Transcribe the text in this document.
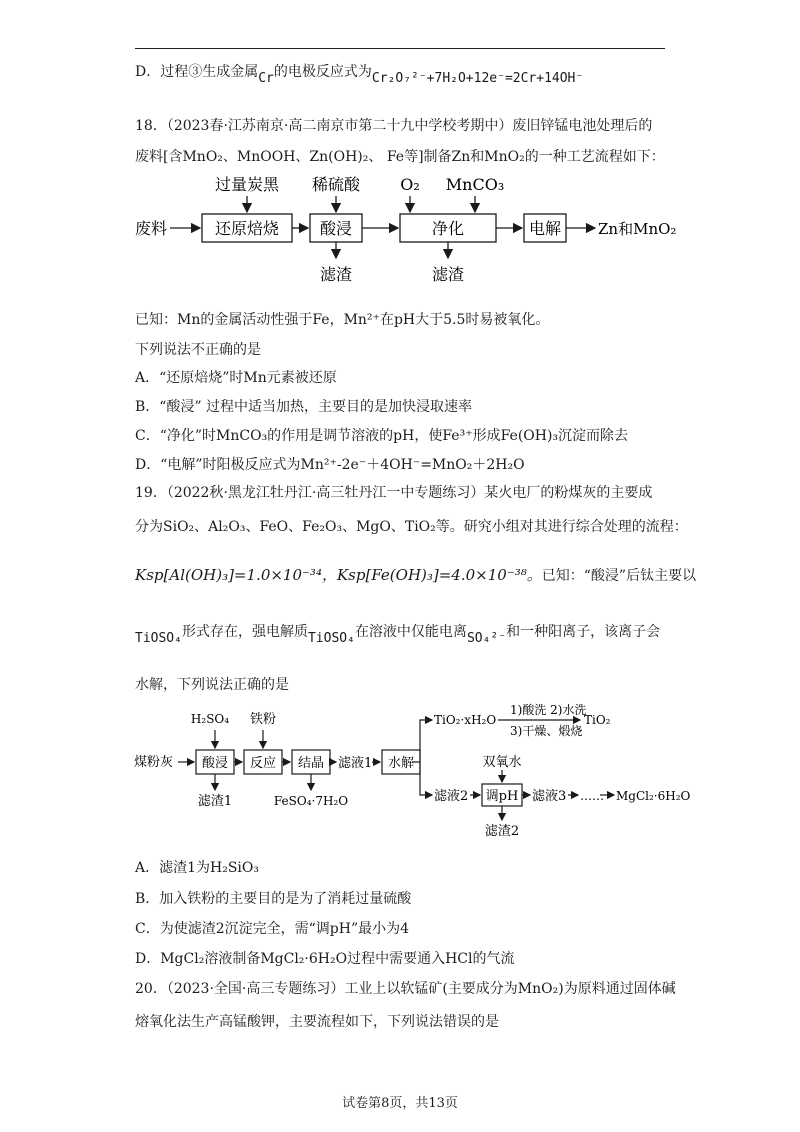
D．过程③生成金属Cr的电极反应式为Cr₂O₇²⁻+7H₂O+12e⁻=2Cr+14OH⁻
18．（2023春·江苏南京·高二南京市第二十九中学校考期中）废旧锌锰电池处理后的
废料[含MnO₂、MnOOH、Zn(OH)₂、 Fe等]制备Zn和MnO₂的一种工艺流程如下：
废料	还原焙烧
过量炭黑
酸浸
稀硫酸
滤渣
净化
O₂ MnCO₃
滤渣
电解 Zn和MnO₂
已知：Mn的金属活动性强于Fe，Mn²⁺在pH大于5.5时易被氧化。
下列说法不正确的是
A．“还原焙烧”时Mn元素被还原
B．“酸浸” 过程中适当加热，主要目的是加快浸取速率
C．“净化”时MnCO₃的作用是调节溶液的pH，使Fe³⁺形成Fe(OH)₃沉淀而除去
D．“电解”时阳极反应式为Mn²⁺-2e⁻＋4OH⁻=MnO₂＋2H₂O
19．（2022秋·黑龙江牡丹江·高三牡丹江一中专题练习）某火电厂的粉煤灰的主要成
分为SiO₂、Al₂O₃、FeO、Fe₂O₃、MgO、TiO₂等。研究小组对其进行综合处理的流程：
Ksp[Al(OH)₃]=1.0×10⁻³⁴，Ksp[Fe(OH)₃]=4.0×10⁻³⁸。已知：“酸浸”后钛主要以
TiOSO₄形式存在，强电解质TiOSO₄在溶液中仅能电离SO₄²⁻和一种阳离子，该离子会
水解，下列说法正确的是
煤粉灰 酸浸
H₂SO₄
滤渣1
反应
铁粉
结晶
FeSO₄·7H₂O
滤液1 水解
TiO₂·xH₂O
1)酸洗 2)水洗
3)干燥、煅烧
TiO₂
双氧水
滤液2 调pH
滤渣2
滤液3 …… MgCl₂·6H₂O
A．滤渣1为H₂SiO₃
B．加入铁粉的主要目的是为了消耗过量硫酸
C．为使滤渣2沉淀完全，需“调pH”最小为4
D．MgCl₂溶液制备MgCl₂·6H₂O过程中需要通入HCl的气流
20．（2023·全国·高三专题练习）工业上以软锰矿(主要成分为MnO₂)为原料通过固体碱
熔氧化法生产高锰酸钾，主要流程如下，下列说法错误的是
试卷第8页，共13页
